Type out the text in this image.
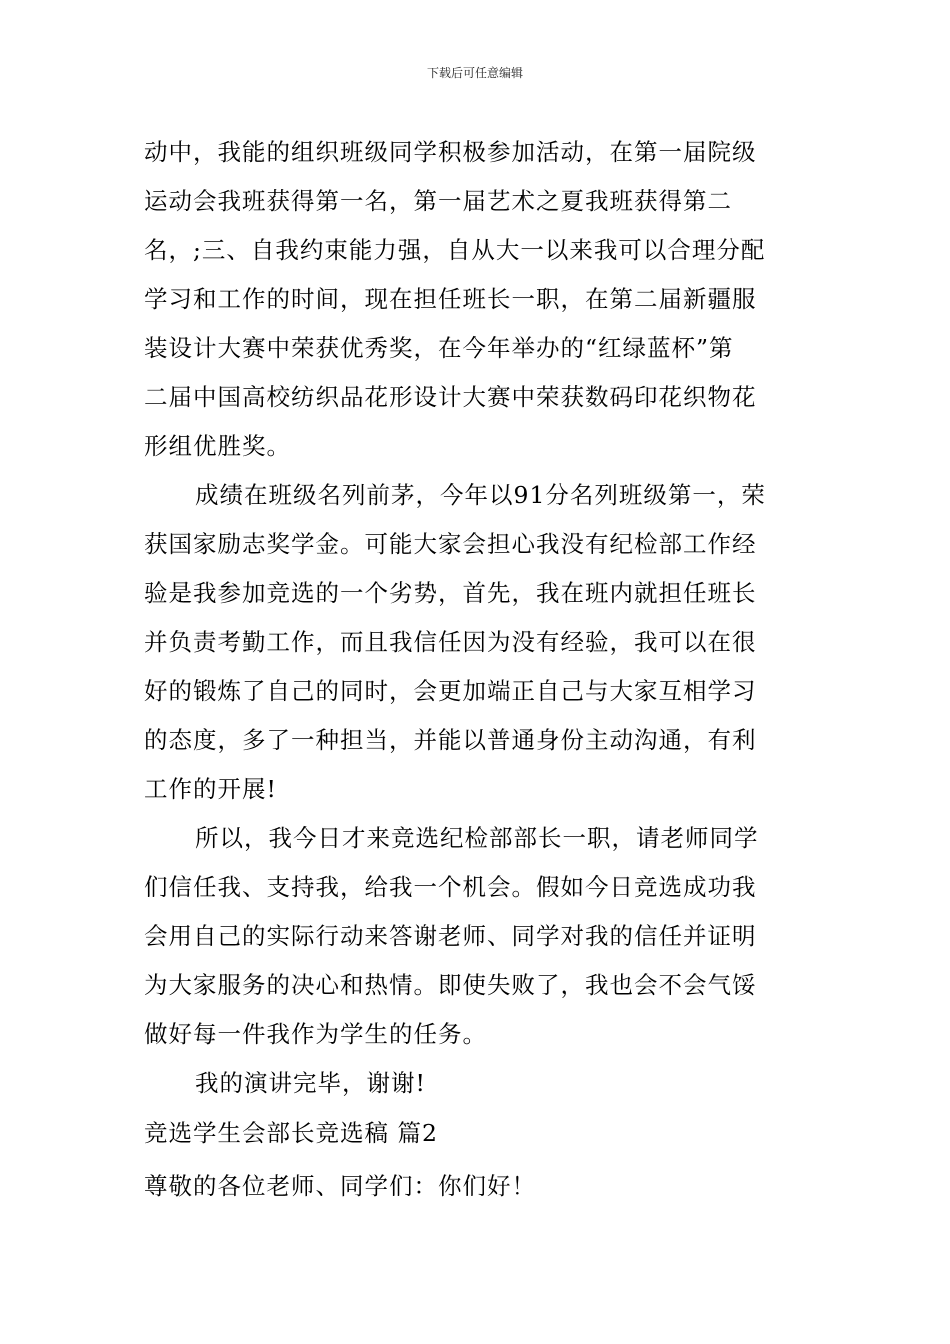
下载后可任意编辑
动中，我能的组织班级同学积极参加活动，在第一届院级
运动会我班获得第一名，第一届艺术之夏我班获得第二
名，;三、自我约束能力强，自从大一以来我可以合理分配
学习和工作的时间，现在担任班长一职，在第二届新疆服
装设计大赛中荣获优秀奖，在今年举办的“红绿蓝杯”第
二届中国高校纺织品花形设计大赛中荣获数码印花织物花
形组优胜奖。
成绩在班级名列前茅，今年以91分名列班级第一，荣
获国家励志奖学金。可能大家会担心我没有纪检部工作经
验是我参加竞选的一个劣势，首先，我在班内就担任班长
并负责考勤工作，而且我信任因为没有经验，我可以在很
好的锻炼了自己的同时，会更加端正自己与大家互相学习
的态度，多了一种担当，并能以普通身份主动沟通，有利
工作的开展!
所以，我今日才来竞选纪检部部长一职，请老师同学
们信任我、支持我，给我一个机会。假如今日竞选成功我
会用自己的实际行动来答谢老师、同学对我的信任并证明
为大家服务的决心和热情。即使失败了，我也会不会气馁
做好每一件我作为学生的任务。
我的演讲完毕，谢谢!
竞选学生会部长竞选稿 篇2
尊敬的各位老师、同学们：你们好！
